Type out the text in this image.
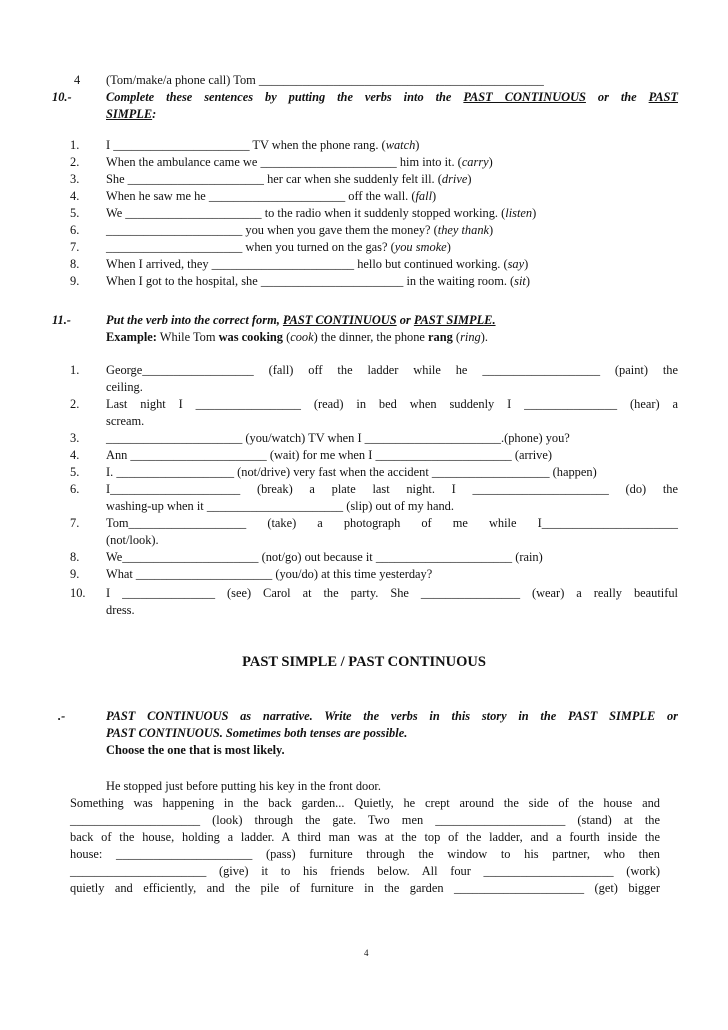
4	(Tom/make/a phone call) Tom ______________________________________________
10.-	Complete these sentences by putting the verbs into the PAST CONTINUOUS or the PAST
SIMPLE:
1.	I ______________________ TV when the phone rang. (watch)
2.	When the ambulance came we ______________________ him into it. (carry)
3.	She ______________________ her car when she suddenly felt ill. (drive)
4.	When he saw me he ______________________ off the wall. (fall)
5.	We ______________________ to the radio when it suddenly stopped working. (listen)
6.	______________________ you when you gave them the money? (they thank)
7.	______________________ when you turned on the gas? (you smoke)
8.	When I arrived, they _______________________ hello but continued working. (say)
9.	When I got to the hospital, she _______________________ in the waiting room. (sit)
11.-	Put the verb into the correct form, PAST CONTINUOUS or PAST SIMPLE.
Example: While Tom was cooking (cook) the dinner, the phone rang (ring).
1.	George__________________ (fall) off the ladder while he ___________________ (paint) the
ceiling.
2.	Last night I _________________ (read) in bed when suddenly I _______________ (hear) a
scream.
3.	______________________ (you/watch) TV when I ______________________.(phone) you?
4.	Ann ______________________ (wait) for me when I ______________________ (arrive)
5.	I. ___________________ (not/drive) very fast when the accident ___________________ (happen)
6.	I_____________________ (break) a plate last night. I ______________________ (do) the
washing-up when it ______________________ (slip) out of my hand.
7.	Tom___________________ (take) a photograph of me while I______________________
(not/look).
8.	We______________________ (not/go) out because it ______________________ (rain)
9.	What ______________________ (you/do) at this time yesterday?
10.	I _______________ (see) Carol at the party. She ________________ (wear) a really beautiful
dress.
PAST SIMPLE / PAST CONTINUOUS
.-	PAST CONTINUOUS as narrative. Write the verbs in this story in the PAST SIMPLE or
PAST CONTINUOUS. Sometimes both tenses are possible.
Choose the one that is most likely.
He stopped just before putting his key in the front door.
Something was happening in the back garden... Quietly, he crept around the side of the house and
_____________________ (look) through the gate. Two men _____________________ (stand) at the
back of the house, holding a ladder. A third man was at the top of the ladder, and a fourth inside the
house: ______________________ (pass) furniture through the window to his partner, who then
______________________ (give) it to his friends below. All four _____________________ (work)
quietly and efficiently, and the pile of furniture in the garden _____________________ (get) bigger
4
